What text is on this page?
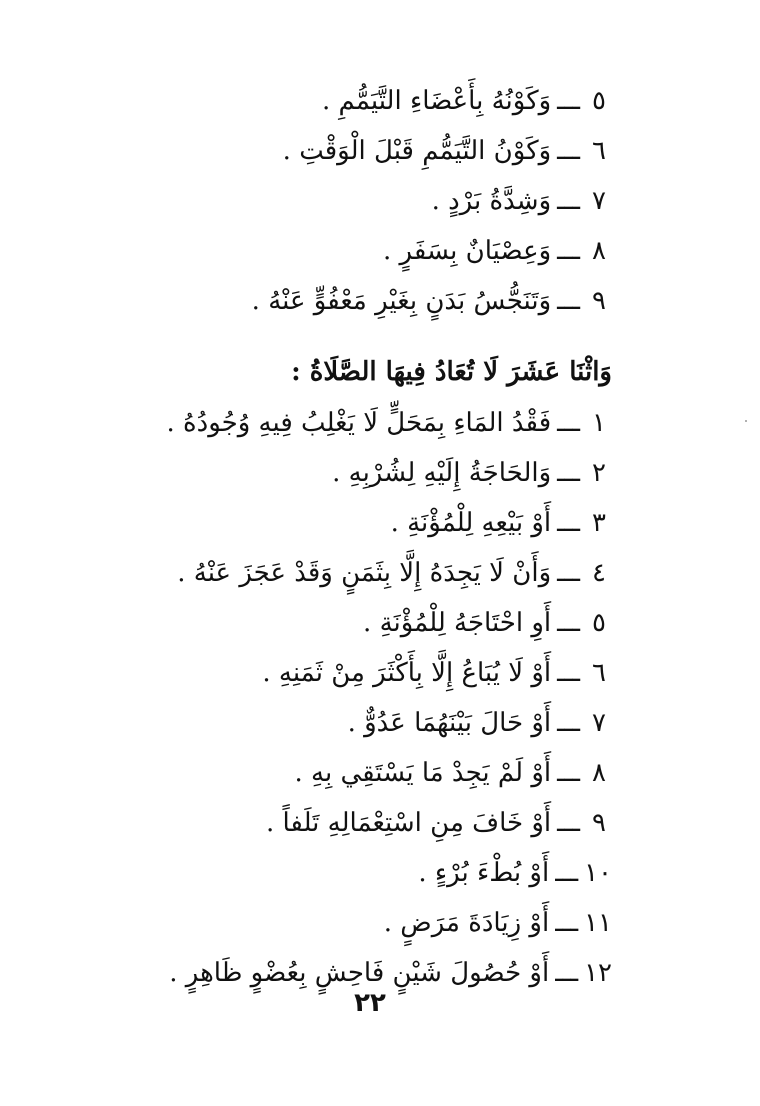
٥ـــوَكَوْنُهُ بِأَعْضَاءِ التَّيَمُّمِ .
٦ـــوَكَوْنُ التَّيَمُّمِ قَبْلَ الْوَقْتِ .
٧ـــوَشِدَّةُ بَرْدٍ .
٨ـــوَعِصْيَانٌ بِسَفَرٍ .
٩ـــوَتَنَجُّسُ بَدَنٍ بِغَيْرِ مَعْفُوٍّ عَنْهُ .
وَاثْنَا عَشَرَ لَا تُعَادُ فِيهَا الصَّلَاةُ :
١ـــفَقْدُ المَاءِ بِمَحَلٍّ لَا يَغْلِبُ فِيهِ وُجُودُهُ .
٢ـــوَالحَاجَةُ إِلَيْهِ لِشُرْبِهِ .
٣ـــأَوْ بَيْعِهِ لِلْمُؤْنَةِ .
٤ـــوَأَنْ لَا يَجِدَهُ إِلَّا بِثَمَنٍ وَقَدْ عَجَزَ عَنْهُ .
٥ـــأَوِ احْتَاجَهُ لِلْمُؤْنَةِ .
٦ـــأَوْ لَا يُبَاعُ إِلَّا بِأَكْثَرَ مِنْ ثَمَنِهِ .
٧ـــأَوْ حَالَ بَيْنَهُمَا عَدُوٌّ .
٨ـــأَوْ لَمْ يَجِدْ مَا يَسْتَقِي بِهِ .
٩ـــأَوْ خَافَ مِنِ اسْتِعْمَالِهِ تَلَفاً .
١٠ـــأَوْ بُطْءَ بُرْءٍ .
١١ـــأَوْ زِيَادَةَ مَرَضٍ .
١٢ـــأَوْ حُصُولَ شَيْنٍ فَاحِشٍ بِعُضْوٍ ظَاهِرٍ .
٢٢
